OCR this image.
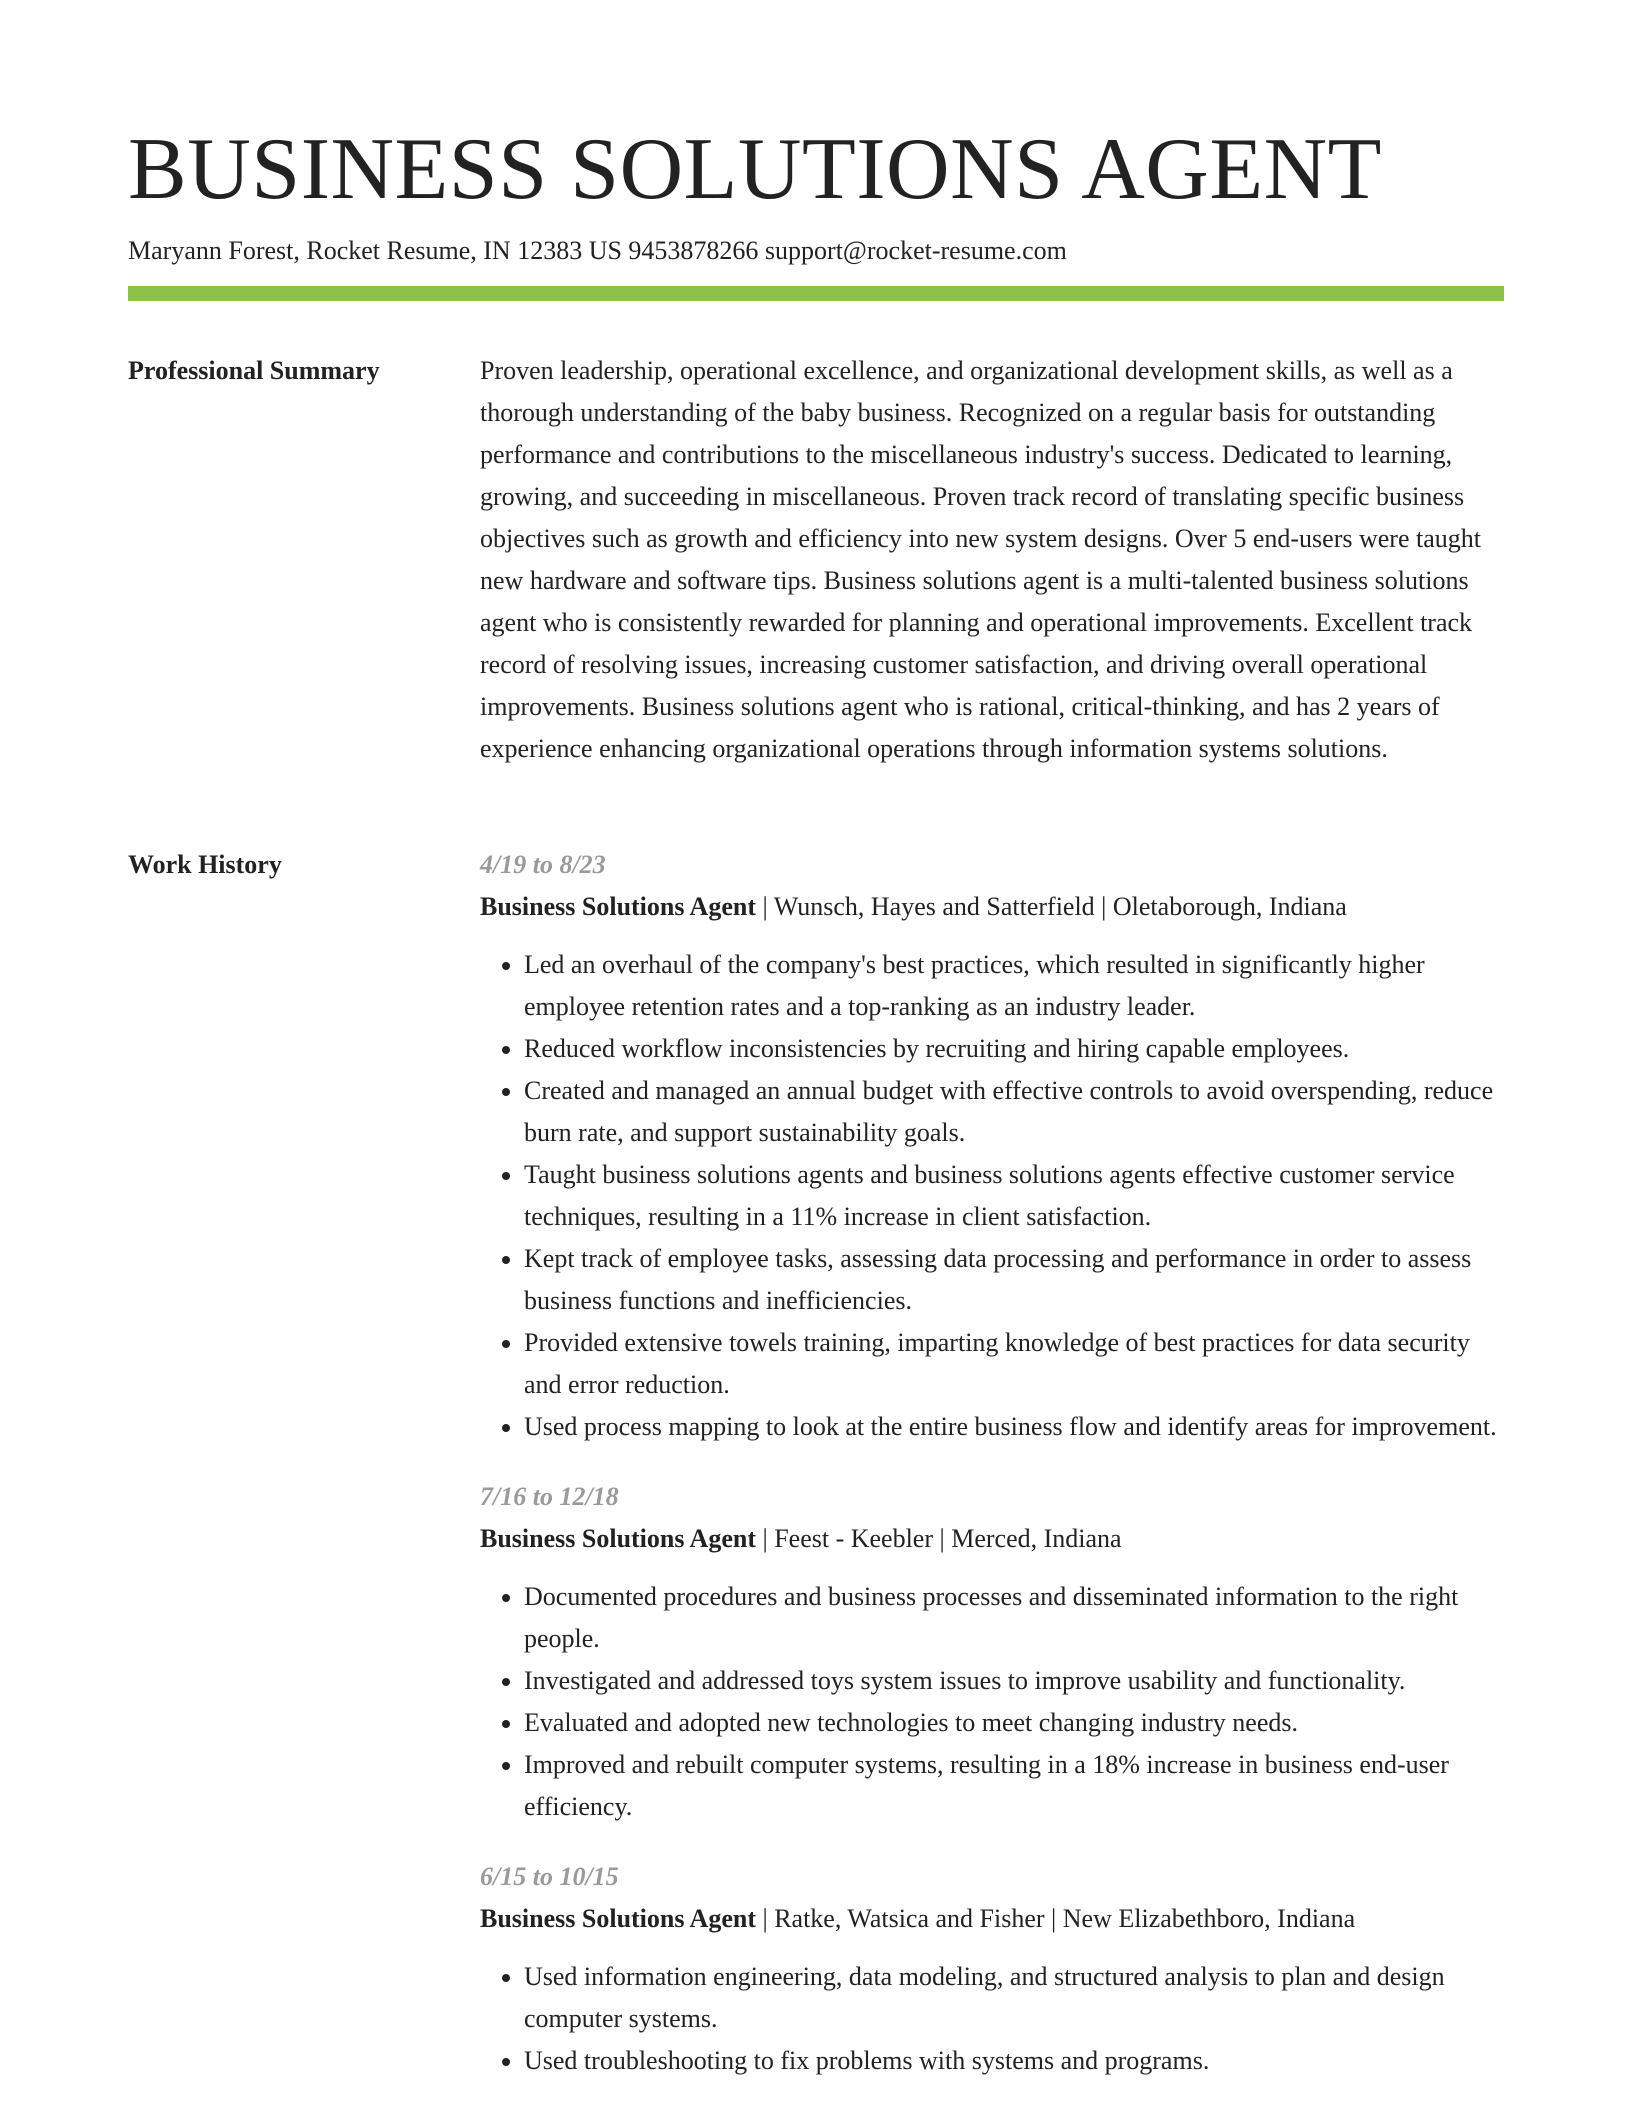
BUSINESS SOLUTIONS AGENT
Maryann Forest, Rocket Resume, IN 12383 US 9453878266 support@rocket-resume.com
Professional Summary	Proven leadership, operational excellence, and organizational development skills, as well as a thorough understanding of the baby business. Recognized on a regular basis for outstanding performance and contributions to the miscellaneous industry's success. Dedicated to learning, growing, and succeeding in miscellaneous. Proven track record of translating specific business objectives such as growth and efficiency into new system designs. Over 5 end-users were taught new hardware and software tips. Business solutions agent is a multi-talented business solutions agent who is consistently rewarded for planning and operational improvements. Excellent track record of resolving issues, increasing customer satisfaction, and driving overall operational improvements. Business solutions agent who is rational, critical-thinking, and has 2 years of experience enhancing organizational operations through information systems solutions.

Work History	4/19 to 8/23
Business Solutions Agent | Wunsch, Hayes and Satterfield | Oletaborough, Indiana
• Led an overhaul of the company's best practices, which resulted in significantly higher employee retention rates and a top-ranking as an industry leader.
• Reduced workflow inconsistencies by recruiting and hiring capable employees.
• Created and managed an annual budget with effective controls to avoid overspending, reduce burn rate, and support sustainability goals.
• Taught business solutions agents and business solutions agents effective customer service techniques, resulting in a 11% increase in client satisfaction.
• Kept track of employee tasks, assessing data processing and performance in order to assess business functions and inefficiencies.
• Provided extensive towels training, imparting knowledge of best practices for data security and error reduction.
• Used process mapping to look at the entire business flow and identify areas for improvement.
7/16 to 12/18
Business Solutions Agent | Feest - Keebler | Merced, Indiana
• Documented procedures and business processes and disseminated information to the right people.
• Investigated and addressed toys system issues to improve usability and functionality.
• Evaluated and adopted new technologies to meet changing industry needs.
• Improved and rebuilt computer systems, resulting in a 18% increase in business end-user efficiency.
6/15 to 10/15
Business Solutions Agent | Ratke, Watsica and Fisher | New Elizabethboro, Indiana
• Used information engineering, data modeling, and structured analysis to plan and design computer systems.
• Used troubleshooting to fix problems with systems and programs.
